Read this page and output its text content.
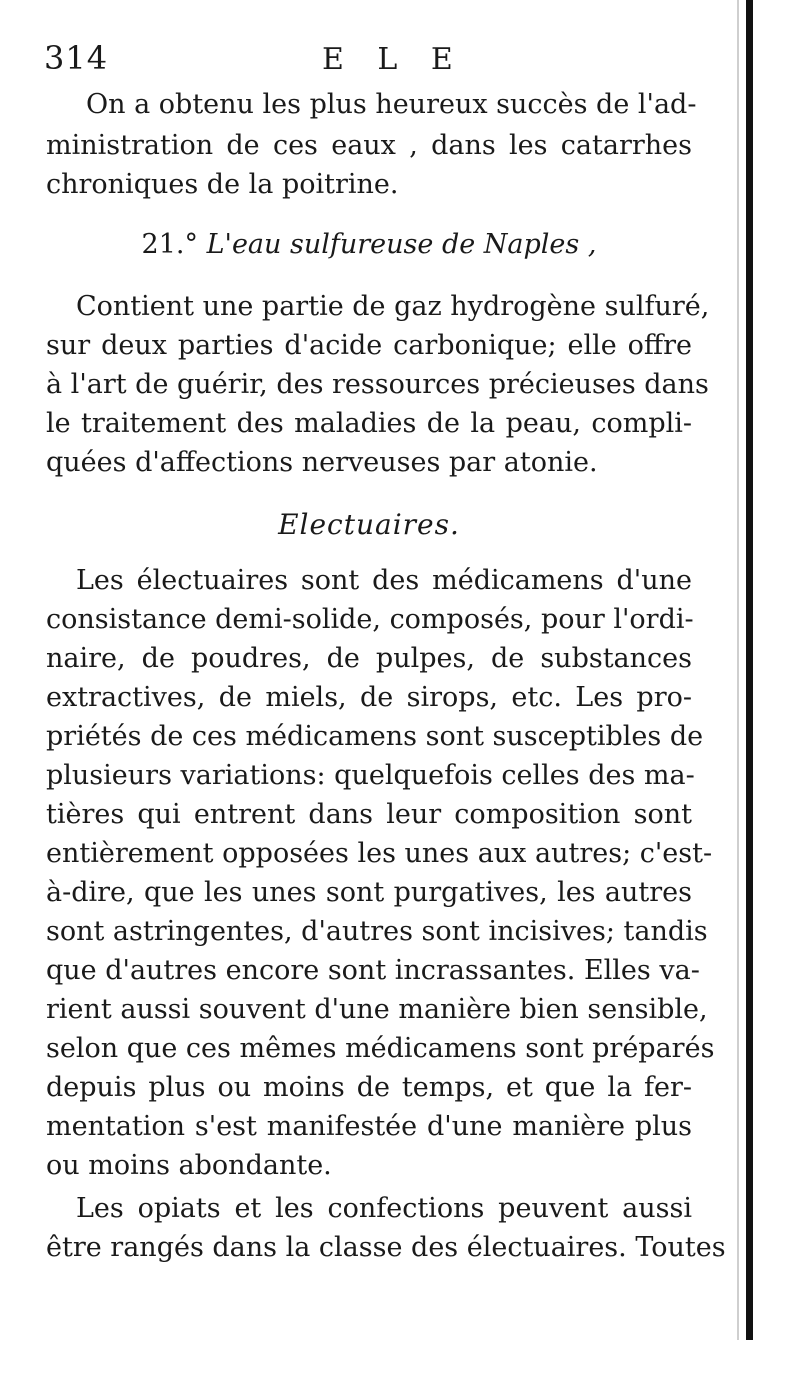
314	E L E
On a obtenu les plus heureux succès de l'ad-
ministration de ces eaux , dans les catarrhes
chroniques de la poitrine.
21.° L'eau sulfureuse de Naples ,
Contient une partie de gaz hydrogène sulfuré,
sur deux parties d'acide carbonique; elle offre
à l'art de guérir, des ressources précieuses dans
le traitement des maladies de la peau, compli-
quées d'affections nerveuses par atonie.
Electuaires.
Les électuaires sont des médicamens d'une
consistance demi-solide, composés, pour l'ordi-
naire, de poudres, de pulpes, de substances
extractives, de miels, de sirops, etc. Les pro-
priétés de ces médicamens sont susceptibles de
plusieurs variations: quelquefois celles des ma-
tières qui entrent dans leur composition sont
entièrement opposées les unes aux autres; c'est-
à-dire, que les unes sont purgatives, les autres
sont astringentes, d'autres sont incisives; tandis
que d'autres encore sont incrassantes. Elles va-
rient aussi souvent d'une manière bien sensible,
selon que ces mêmes médicamens sont préparés
depuis plus ou moins de temps, et que la fer-
mentation s'est manifestée d'une manière plus
ou moins abondante.
Les opiats et les confections peuvent aussi
être rangés dans la classe des électuaires. Toutes
